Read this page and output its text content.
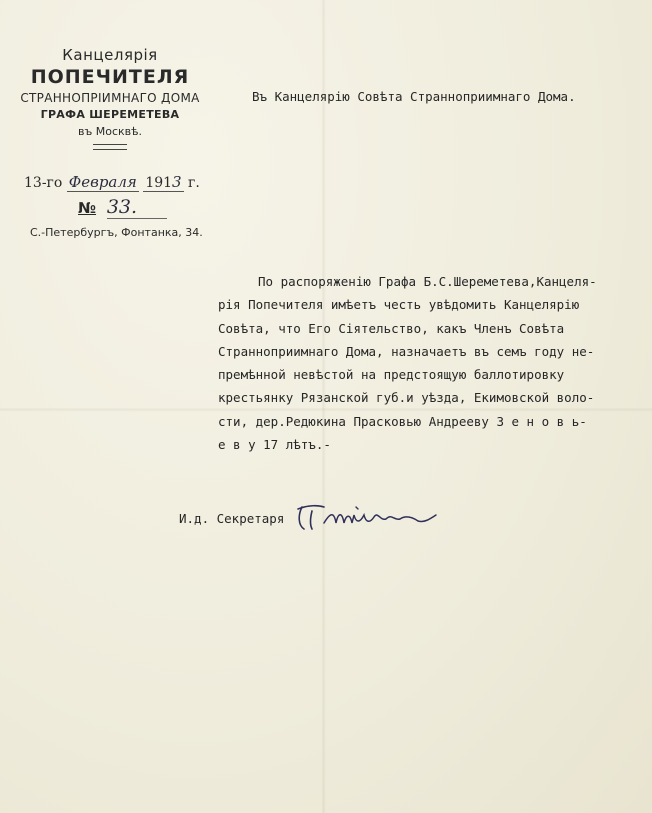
Канцелярія
ПОПЕЧИТЕЛЯ
СТРАННОПРІИМНАГО ДОМА
ГРАФА ШЕРЕМЕТЕВА
въ Москвѣ.
13-го Февраля 1913 г.
№ 33.
С.-Петербургъ, Фонтанка, 34.
Въ Канцелярію Совѣта Странноприимнаго Дома.
По распоряженію Графа Б.С.Шереметева,Канцеля-
рія Попечителя имѣетъ честь увѣдомить Канцелярію
Совѣта, что Его Сіятельство, какъ Членъ Совѣта
Странноприимнаго Дома, назначаетъ въ семъ году не-
премѣнной невѣстой на предстоящую баллотировку
крестьянку Рязанской губ.и уѣзда, Екимовской воло-
сти, дер.Редюкина Прасковью Андрееву З е н о в ь-
е в у 17 лѣтъ.-
И.д. Секретаря
